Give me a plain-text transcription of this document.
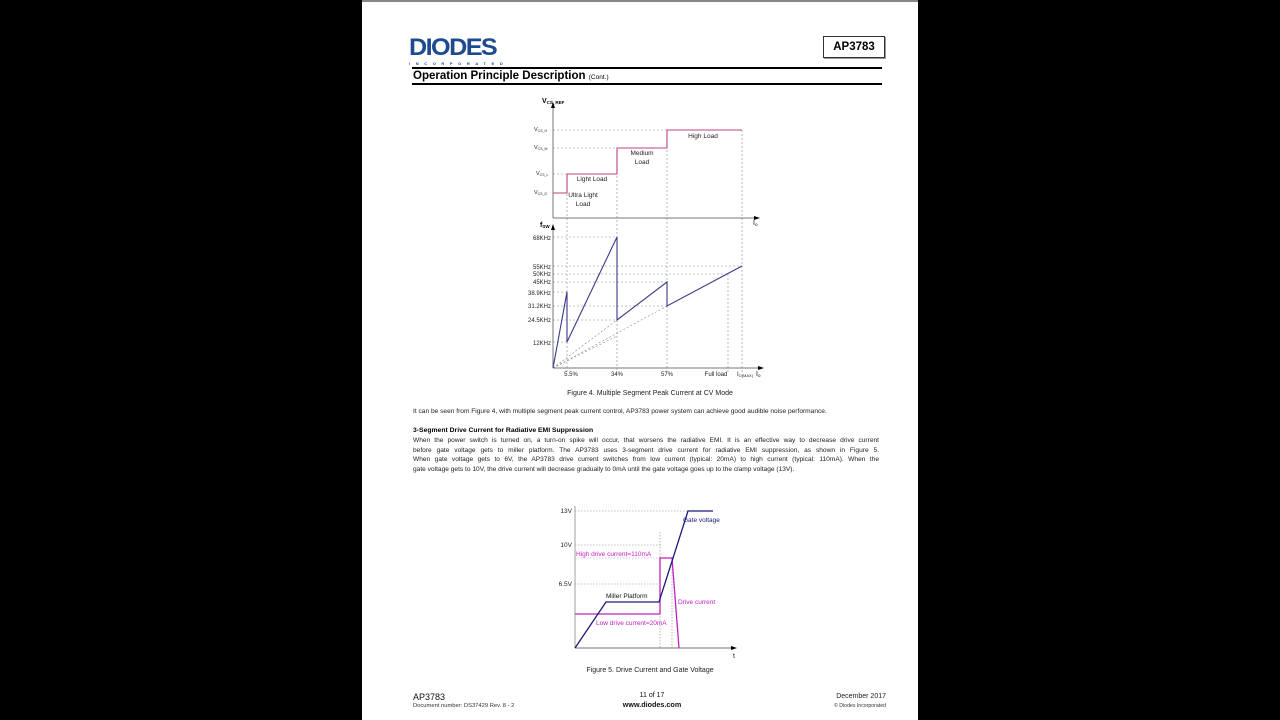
DIODES
INCORPORATED
AP3783
Operation Principle Description (Cont.)
VCS_REF
Io
VCS_H
VCS_M
VCS_L
VCS_D	Ultra Light
Load
Light Load
Medium
Load
High Load
fSW
Io
68KHz
55KHz
50KHz
45KHz
38.9KHz
31.2KHz
24.5KHz
12KHz
5.5%	34%	57%	Full load IO(MAX)
Figure 4. Multiple Segment Peak Current at CV Mode
It can be seen from Figure 4, with multiple segment peak current control, AP3783 power system can achieve good audible noise performance.
3-Segment Drive Current for Radiative EMI Suppression
When the power switch is turned on, a turn-on spike will occur, that worsens the radiative EMI. It is an effective way to decrease drive current
before gate voltage gets to miller platform. The AP3783 uses 3-segment drive current for radiative EMI suppression, as shown in Figure 5.
When gate voltage gets to 6V, the AP3783 drive current switches from low current (typical: 20mA) to high current (typical: 110mA). When the
gate voltage gets to 10V, the drive current will decrease gradually to 0mA until the gate voltage goes up to the clamp voltage (13V).
t
13V
10V
6.5V
Gate voltage
High drive current=110mA
Miller Platform
Drive current
Low drive current=20mA
Figure 5. Drive Current and Gate Voltage
AP3783
Document number: DS37429 Rev. 8 - 2
11 of 17
www.diodes.com
December 2017
© Diodes Incorporated
